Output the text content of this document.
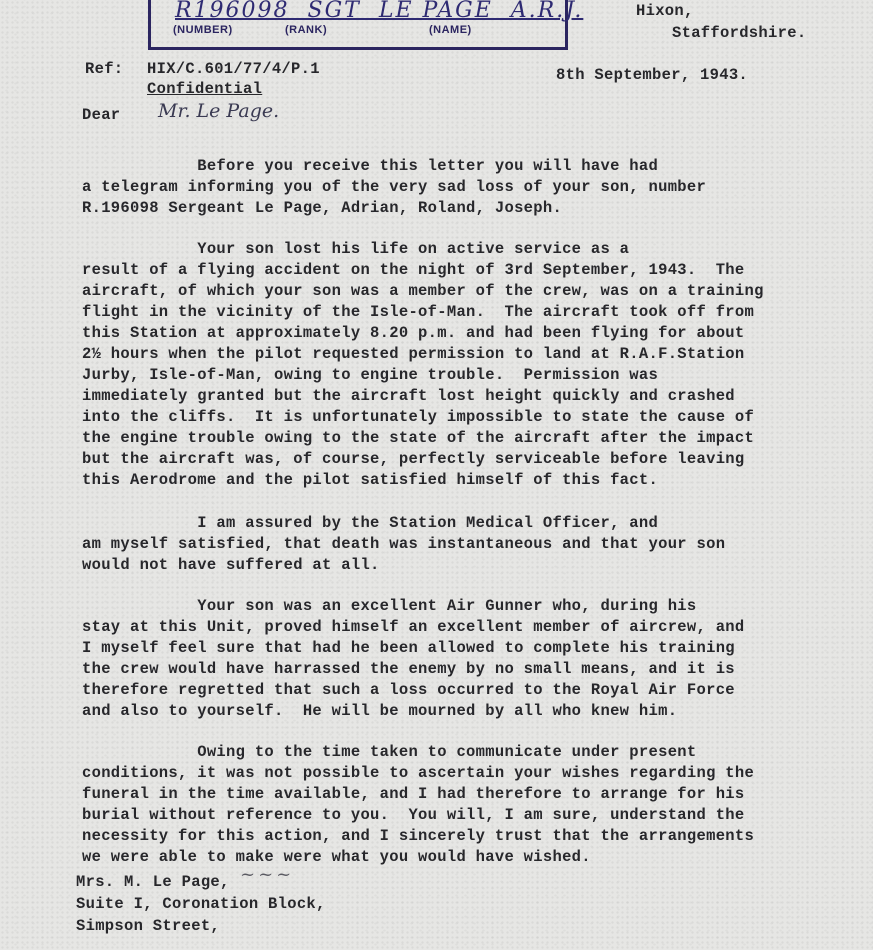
R196098  SGT  LE PAGE  A.R.J.
(NUMBER)	(RANK)	(NAME)
Hixon,
Staffordshire.
Ref: HIX/C.601/77/4/P.1
Confidential
8th September, 1943.
Dear Mr. Le Page.
Before you receive this letter you will have had
a telegram informing you of the very sad loss of your son, number
R.196098 Sergeant Le Page, Adrian, Roland, Joseph.
Your son lost his life on active service as a
result of a flying accident on the night of 3rd September, 1943.  The
aircraft, of which your son was a member of the crew, was on a training
flight in the vicinity of the Isle-of-Man.  The aircraft took off from
this Station at approximately 8.20 p.m. and had been flying for about
2½ hours when the pilot requested permission to land at R.A.F.Station
Jurby, Isle-of-Man, owing to engine trouble.  Permission was
immediately granted but the aircraft lost height quickly and crashed
into the cliffs.  It is unfortunately impossible to state the cause of
the engine trouble owing to the state of the aircraft after the impact
but the aircraft was, of course, perfectly serviceable before leaving
this Aerodrome and the pilot satisfied himself of this fact.
I am assured by the Station Medical Officer, and
am myself satisfied, that death was instantaneous and that your son
would not have suffered at all.
Your son was an excellent Air Gunner who, during his
stay at this Unit, proved himself an excellent member of aircrew, and
I myself feel sure that had he been allowed to complete his training
the crew would have harrassed the enemy by no small means, and it is
therefore regretted that such a loss occurred to the Royal Air Force
and also to yourself.  He will be mourned by all who knew him.
Owing to the time taken to communicate under present
conditions, it was not possible to ascertain your wishes regarding the
funeral in the time available, and I had therefore to arrange for his
burial without reference to you.  You will, I am sure, understand the
necessity for this action, and I sincerely trust that the arrangements
we were able to make were what you would have wished.
Mrs. M. Le Page, ~~~
Suite I, Coronation Block,
Simpson Street,
